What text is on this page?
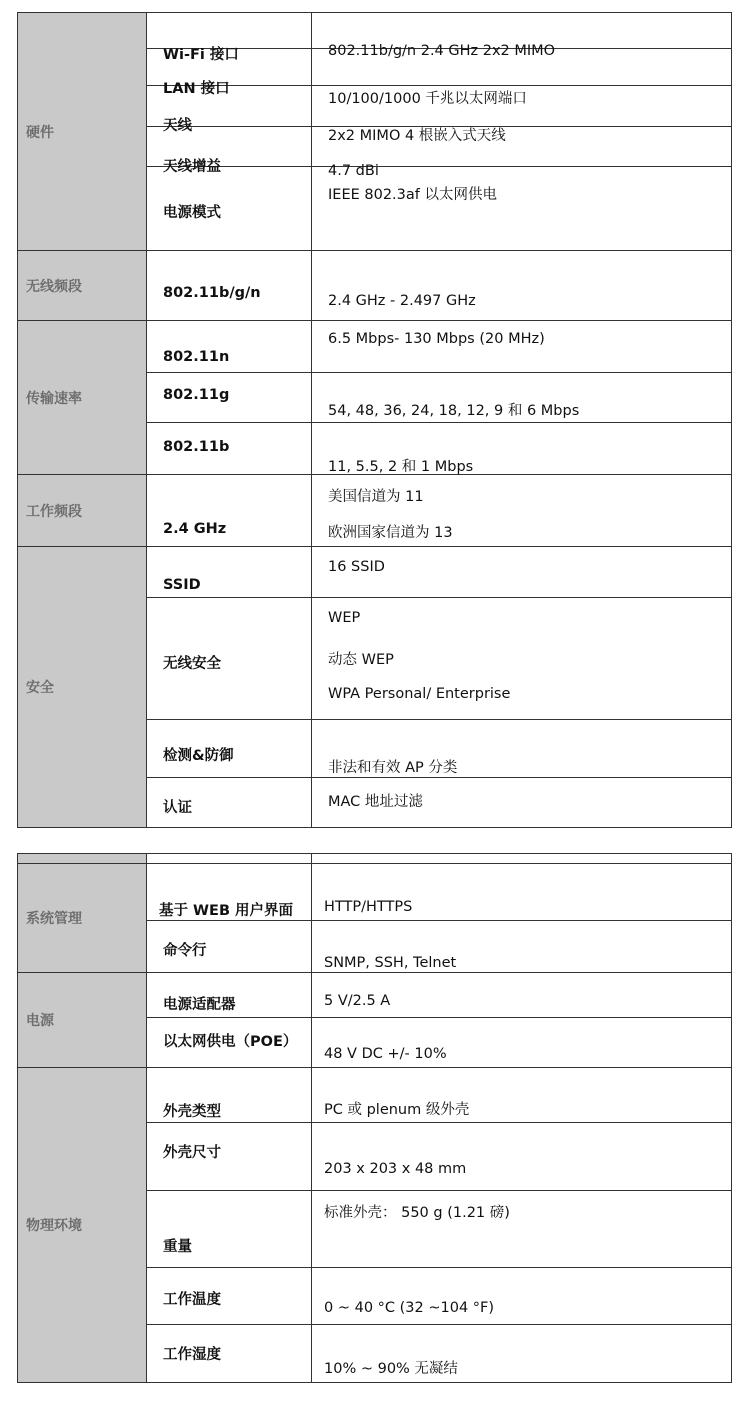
硬件	Wi-Fi 接口	802.11b/g/n 2.4 GHz 2x2 MIMO

	LAN 接口	10/100/1000 千兆以太网端口

	天线	2x2 MIMO 4 根嵌入式天线

	天线增益	4.7 dBi

	电源模式	IEEE 802.3af 以太网供电

无线频段	802.11b/g/n	2.4 GHz - 2.497 GHz

传输速率	802.11n	6.5 Mbps- 130 Mbps (20 MHz)

	802.11g	54, 48, 36, 24, 18, 12, 9 和 6 Mbps

	802.11b	11, 5.5, 2 和 1 Mbps

工作频段	2.4 GHz	美国信道为 11
欧洲国家信道为 13

安全	SSID	16 SSID

	无线安全	WEP
动态 WEP
WPA Personal/ Enterprise

	检测&防御	非法和有效 AP 分类

	认证	MAC 地址过滤

系统管理	基于 WEB 用户界面	HTTP/HTTPS

	命令行	SNMP, SSH, Telnet

电源	电源适配器	5 V/2.5 A

	以太网供电（POE）	48 V DC +/- 10%

物理环境	外壳类型	PC 或 plenum 级外壳

	外壳尺寸	203 x 203 x 48 mm

	重量	标准外壳： 550 g (1.21 磅)

	工作温度	0 ~ 40 °C (32 ~104 °F)

	工作湿度	10% ~ 90% 无凝结
